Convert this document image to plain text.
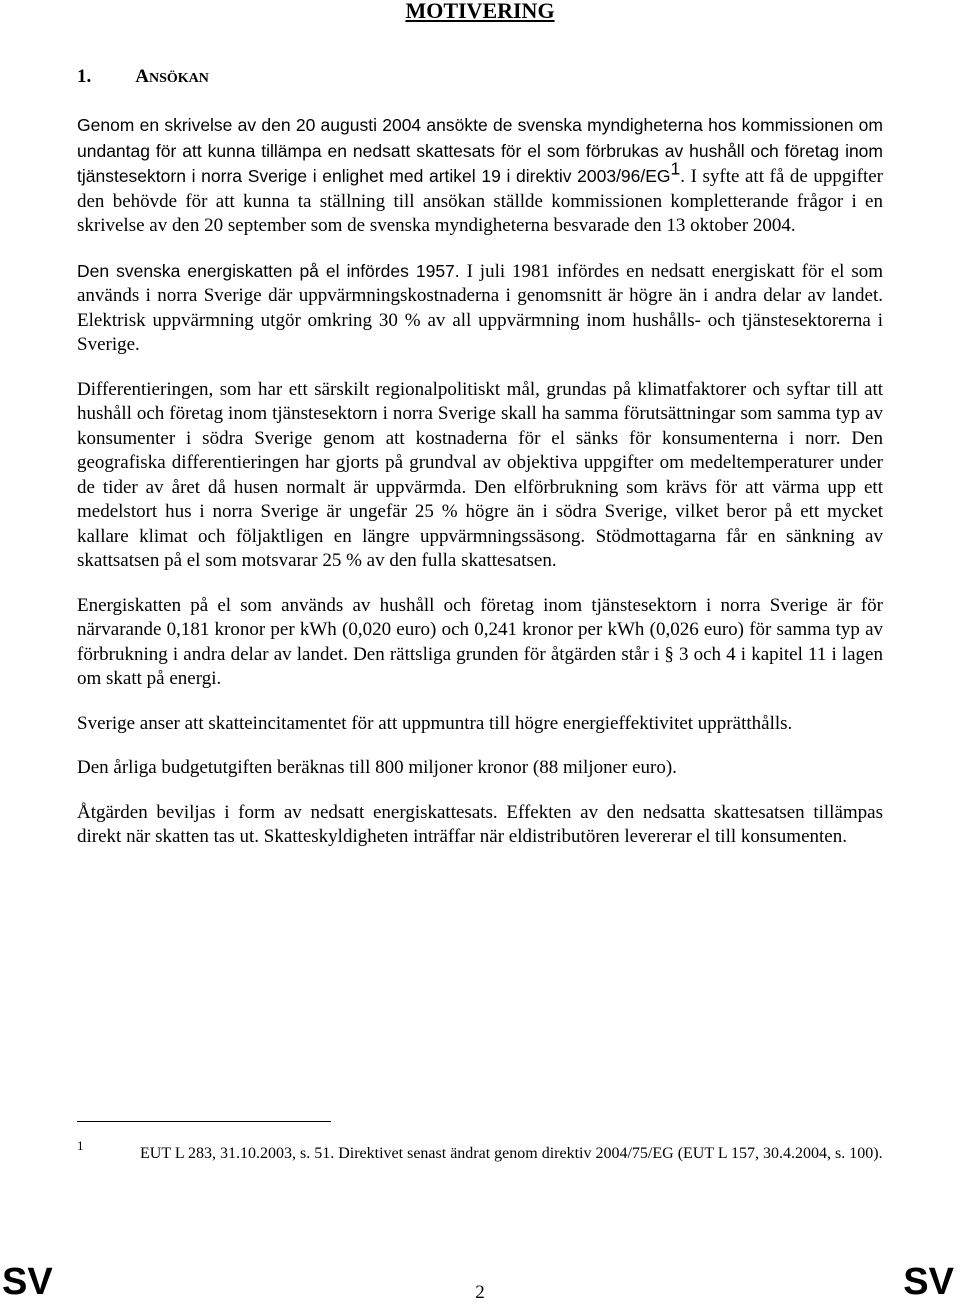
MOTIVERING
1. ANSÖKAN

Genom en skrivelse av den 20 augusti 2004 ansökte de svenska myndigheterna hos kommissionen om undantag för att kunna tillämpa en nedsatt skattesats för el som förbrukas av hushåll och företag inom tjänstesektorn i norra Sverige i enlighet med artikel 19 i direktiv $2003/96/EG^1$. I syfte att få de uppgifter den behövde för att kunna ta ställning till ansökan ställde kommissionen kompletterande frågor i en skrivelse av den 20 september som de svenska myndigheterna besvarade den 13 oktober 2004.

Den svenska energiskatten på el infördes 1957. I juli 1981 infördes en nedsatt energiskatt för el som används i norra Sverige där uppvärmningskostnaderna i genomsnitt är högre än i andra delar av landet. Elektrisk uppvärmning utgör omkring 30 % av all uppvärmning inom hushålls- och tjänstesektorerna i Sverige.

Differentieringen, som har ett särskilt regionalpolitiskt mål, grundas på klimatfaktorer och syftar till att hushåll och företag inom tjänstesektorn i norra Sverige skall ha samma förutsättningar som samma typ av konsumenter i södra Sverige genom att kostnaderna för el sänks för konsumenterna i norr. Den geografiska differentieringen har gjorts på grundval av objektiva uppgifter om medeltemperaturer under de tider av året då husen normalt är uppvärmda. Den elförbrukning som krävs för att värma upp ett medelstort hus i norra Sverige är ungefär 25 % högre än i södra Sverige, vilket beror på ett mycket kallare klimat och följaktligen en längre uppvärmningssäsong. Stödmottagarna får en sänkning av skattsatsen på el som motsvarar 25 % av den fulla skattesatsen.

Energiskatten på el som används av hushåll och företag inom tjänstesektorn i norra Sverige är för närvarande 0,181 kronor per kWh (0,020 euro) och 0,241 kronor per kWh (0,026 euro) för samma typ av förbrukning i andra delar av landet. Den rättsliga grunden för åtgärden står i § 3 och 4 i kapitel 11 i lagen om skatt på energi.

Sverige anser att skatteincitamentet för att uppmuntra till högre energieffektivitet upprätthålls.

Den årliga budgetutgiften beräknas till 800 miljoner kronor (88 miljoner euro).

Åtgärden beviljas i form av nedsatt energiskattesats. Effekten av den nedsatta skattesatsen tillämpas direkt när skatten tas ut. Skatteskyldigheten inträffar när eldistributören levererar el till konsumenten.

1	EUT L 283, 31.10.2003, s. 51. Direktivet senast ändrat genom direktiv 2004/75/EG (EUT L 157, 30.4.2004, s. 100).
SV	2	SV
